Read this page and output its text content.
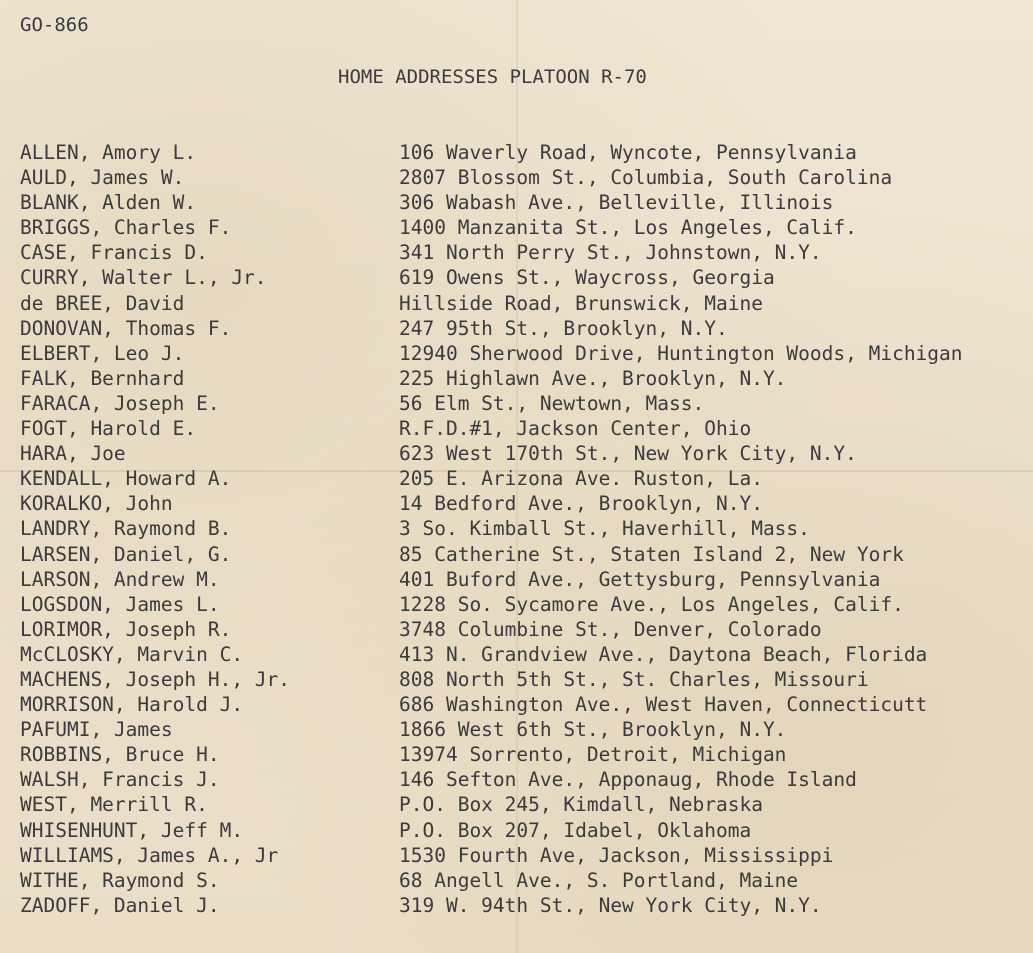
GO-866
HOME ADDRESSES PLATOON R-70
ALLEN, Amory L.	106 Waverly Road, Wyncote, Pennsylvania
AULD, James W.	2807 Blossom St., Columbia, South Carolina
BLANK, Alden W.	306 Wabash Ave., Belleville, Illinois
BRIGGS, Charles F.	1400 Manzanita St., Los Angeles, Calif.
CASE, Francis D.	341 North Perry St., Johnstown, N.Y.
CURRY, Walter L., Jr.	619 Owens St., Waycross, Georgia
de BREE, David	Hillside Road, Brunswick, Maine
DONOVAN, Thomas F.	247 95th St., Brooklyn, N.Y.
ELBERT, Leo J.	12940 Sherwood Drive, Huntington Woods, Michigan
FALK, Bernhard	225 Highlawn Ave., Brooklyn, N.Y.
FARACA, Joseph E.	56 Elm St., Newtown, Mass.
FOGT, Harold E.	R.F.D.#1, Jackson Center, Ohio
HARA, Joe	623 West 170th St., New York City, N.Y.
KENDALL, Howard A.	205 E. Arizona Ave. Ruston, La.
KORALKO, John	14 Bedford Ave., Brooklyn, N.Y.
LANDRY, Raymond B.	3 So. Kimball St., Haverhill, Mass.
LARSEN, Daniel, G.	85 Catherine St., Staten Island 2, New York
LARSON, Andrew M.	401 Buford Ave., Gettysburg, Pennsylvania
LOGSDON, James L.	1228 So. Sycamore Ave., Los Angeles, Calif.
LORIMOR, Joseph R.	3748 Columbine St., Denver, Colorado
McCLOSKY, Marvin C.	413 N. Grandview Ave., Daytona Beach, Florida
MACHENS, Joseph H., Jr.	808 North 5th St., St. Charles, Missouri
MORRISON, Harold J.	686 Washington Ave., West Haven, Connecticutt
PAFUMI, James	1866 West 6th St., Brooklyn, N.Y.
ROBBINS, Bruce H.	13974 Sorrento, Detroit, Michigan
WALSH, Francis J.	146 Sefton Ave., Apponaug, Rhode Island
WEST, Merrill R.	P.O. Box 245, Kimdall, Nebraska
WHISENHUNT, Jeff M.	P.O. Box 207, Idabel, Oklahoma
WILLIAMS, James A., Jr	1530 Fourth Ave, Jackson, Mississippi
WITHE, Raymond S.	68 Angell Ave., S. Portland, Maine
ZADOFF, Daniel J.	319 W. 94th St., New York City, N.Y.
